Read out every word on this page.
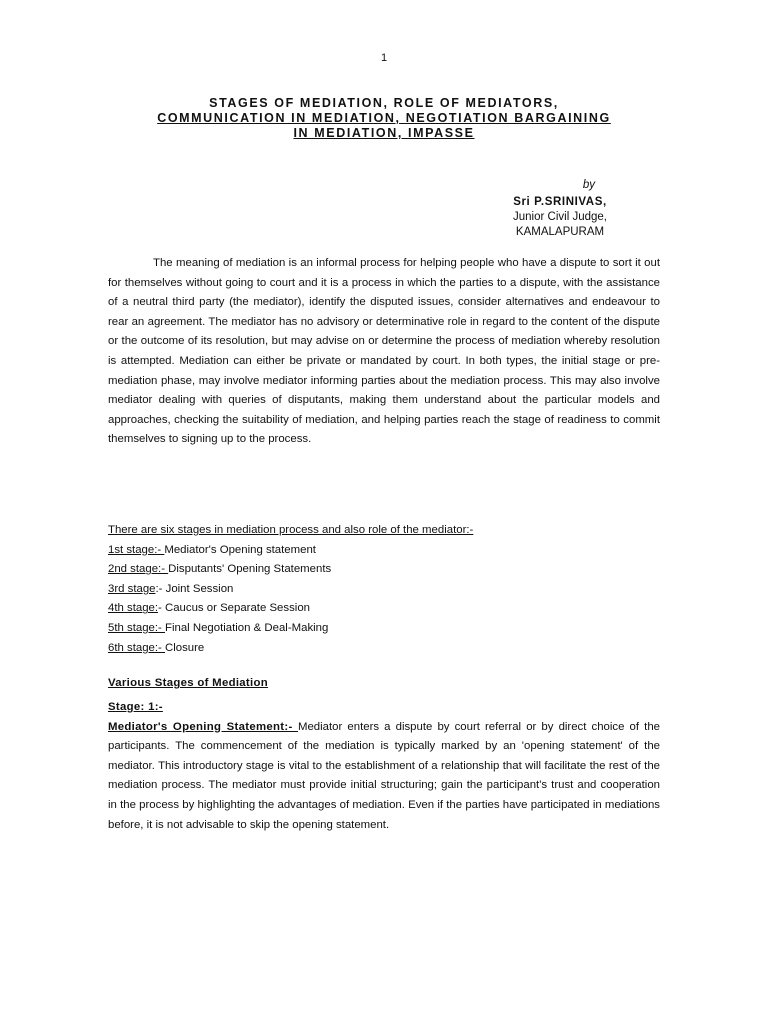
1
STAGES OF MEDIATION, ROLE OF MEDIATORS,
COMMUNICATION IN MEDIATION, NEGOTIATION BARGAINING
IN MEDIATION, IMPASSE
by
Sri P.SRINIVAS,
Junior Civil Judge,
KAMALAPURAM
The meaning of mediation is an informal process for helping people who have a dispute to sort it out for themselves without going to court and it is a process in which the parties to a dispute, with the assistance of a neutral third party (the mediator), identify the disputed issues, consider alternatives and endeavour to rear an agreement. The mediator has no advisory or determinative role in regard to the content of the dispute or the outcome of its resolution, but may advise on or determine the process of mediation whereby resolution is attempted. Mediation can either be private or mandated by court. In both types, the initial stage or pre-mediation phase, may involve mediator informing parties about the mediation process. This may also involve mediator dealing with queries of disputants, making them understand about the particular models and approaches, checking the suitability of mediation, and helping parties reach the stage of readiness to commit themselves to signing up to the process.
There are six stages in mediation process and also role of the mediator:-
1st stage:- Mediator's Opening statement
2nd stage:- Disputants' Opening Statements
3rd stage:- Joint Session
4th stage:- Caucus or Separate Session
5th stage:- Final Negotiation & Deal-Making
6th stage:- Closure
Various Stages of Mediation
Stage: 1:-
Mediator's Opening Statement:- Mediator enters a dispute by court referral or by direct choice of the participants. The commencement of the mediation is typically marked by an 'opening statement' of the mediator. This introductory stage is vital to the establishment of a relationship that will facilitate the rest of the mediation process. The mediator must provide initial structuring; gain the participant's trust and cooperation in the process by highlighting the advantages of mediation. Even if the parties have participated in mediations before, it is not advisable to skip the opening statement.
